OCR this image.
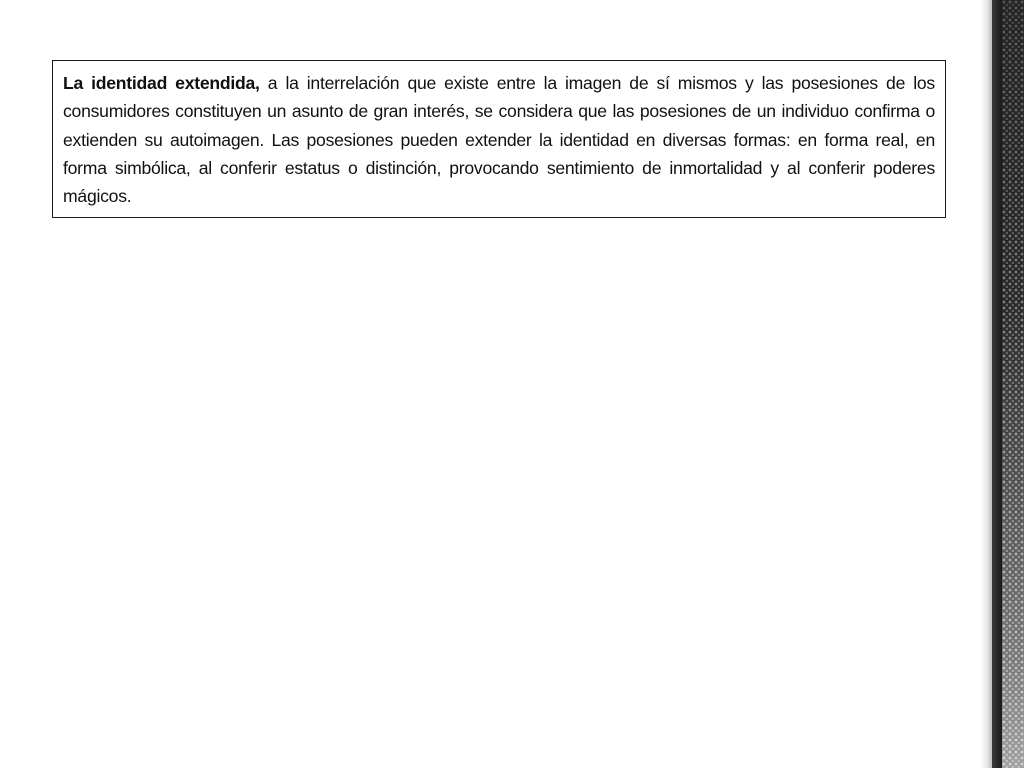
La identidad extendida, a la interrelación que existe entre la imagen de sí mismos y las posesiones de los consumidores constituyen un asunto de gran interés, se considera que las posesiones de un individuo confirma o extienden su autoimagen. Las posesiones pueden extender la identidad en diversas formas: en forma real, en forma simbólica, al conferir estatus o distinción, provocando sentimiento de inmortalidad y al conferir poderes mágicos.
